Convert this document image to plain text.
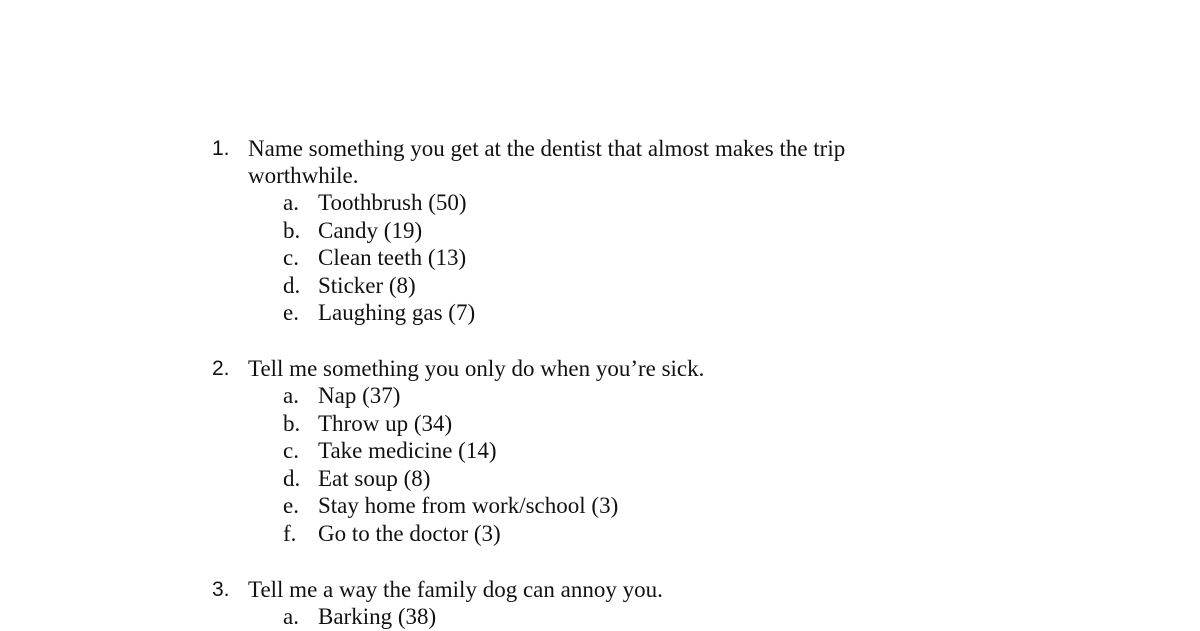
1. Name something you get at the dentist that almost makes the trip worthwhile.
a. Toothbrush (50)
b. Candy (19)
c. Clean teeth (13)
d. Sticker (8)
e. Laughing gas (7)
2. Tell me something you only do when you’re sick.
a. Nap (37)
b. Throw up (34)
c. Take medicine (14)
d. Eat soup (8)
e. Stay home from work/school (3)
f. Go to the doctor (3)
3. Tell me a way the family dog can annoy you.
a. Barking (38)
